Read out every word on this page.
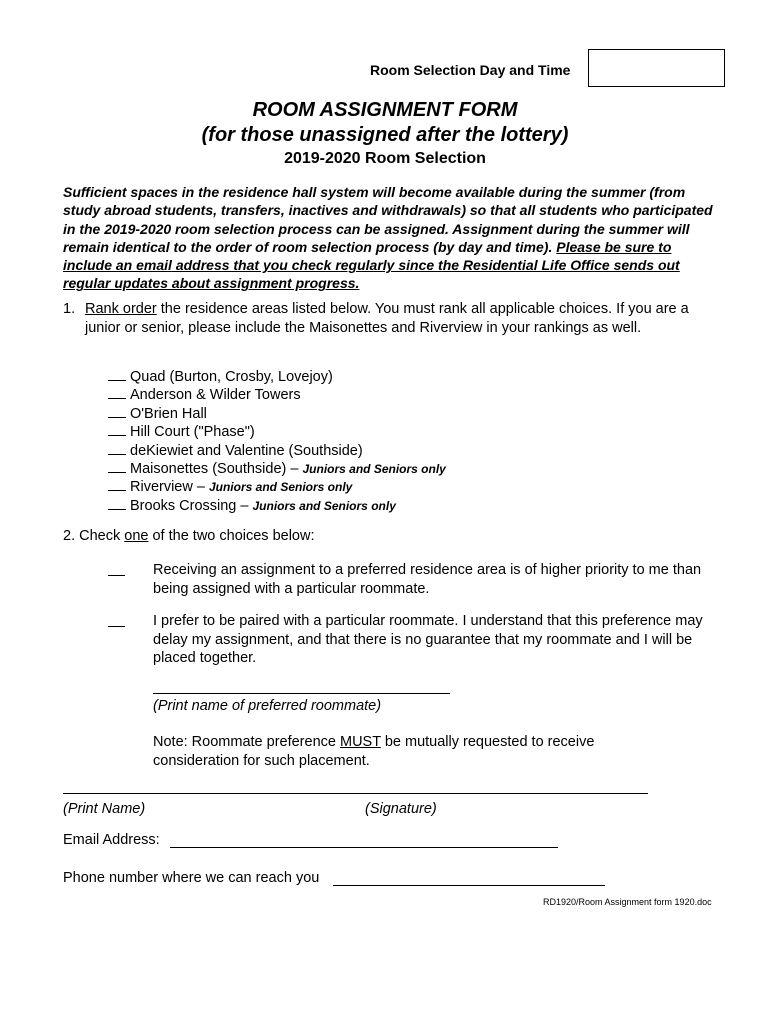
Room Selection Day and Time
ROOM ASSIGNMENT FORM
(for those unassigned after the lottery)
2019-2020 Room Selection
Sufficient spaces in the residence hall system will become available during the summer (from study abroad students, transfers, inactives and withdrawals) so that all students who participated in the 2019-2020 room selection process can be assigned. Assignment during the summer will remain identical to the order of room selection process (by day and time). Please be sure to include an email address that you check regularly since the Residential Life Office sends out regular updates about assignment progress.
1. Rank order the residence areas listed below. You must rank all applicable choices. If you are a junior or senior, please include the Maisonettes and Riverview in your rankings as well.
Quad (Burton, Crosby, Lovejoy)
Anderson & Wilder Towers
O'Brien Hall
Hill Court ("Phase")
deKiewiet and Valentine (Southside)
Maisonettes (Southside) – Juniors and Seniors only
Riverview – Juniors and Seniors only
Brooks Crossing – Juniors and Seniors only
2. Check one of the two choices below:
Receiving an assignment to a preferred residence area is of higher priority to me than being assigned with a particular roommate.
I prefer to be paired with a particular roommate. I understand that this preference may delay my assignment, and that there is no guarantee that my roommate and I will be placed together.
(Print name of preferred roommate)
Note: Roommate preference MUST be mutually requested to receive consideration for such placement.
(Print Name)	(Signature)
Email Address:
Phone number where we can reach you
RD1920/Room Assignment form 1920.doc
